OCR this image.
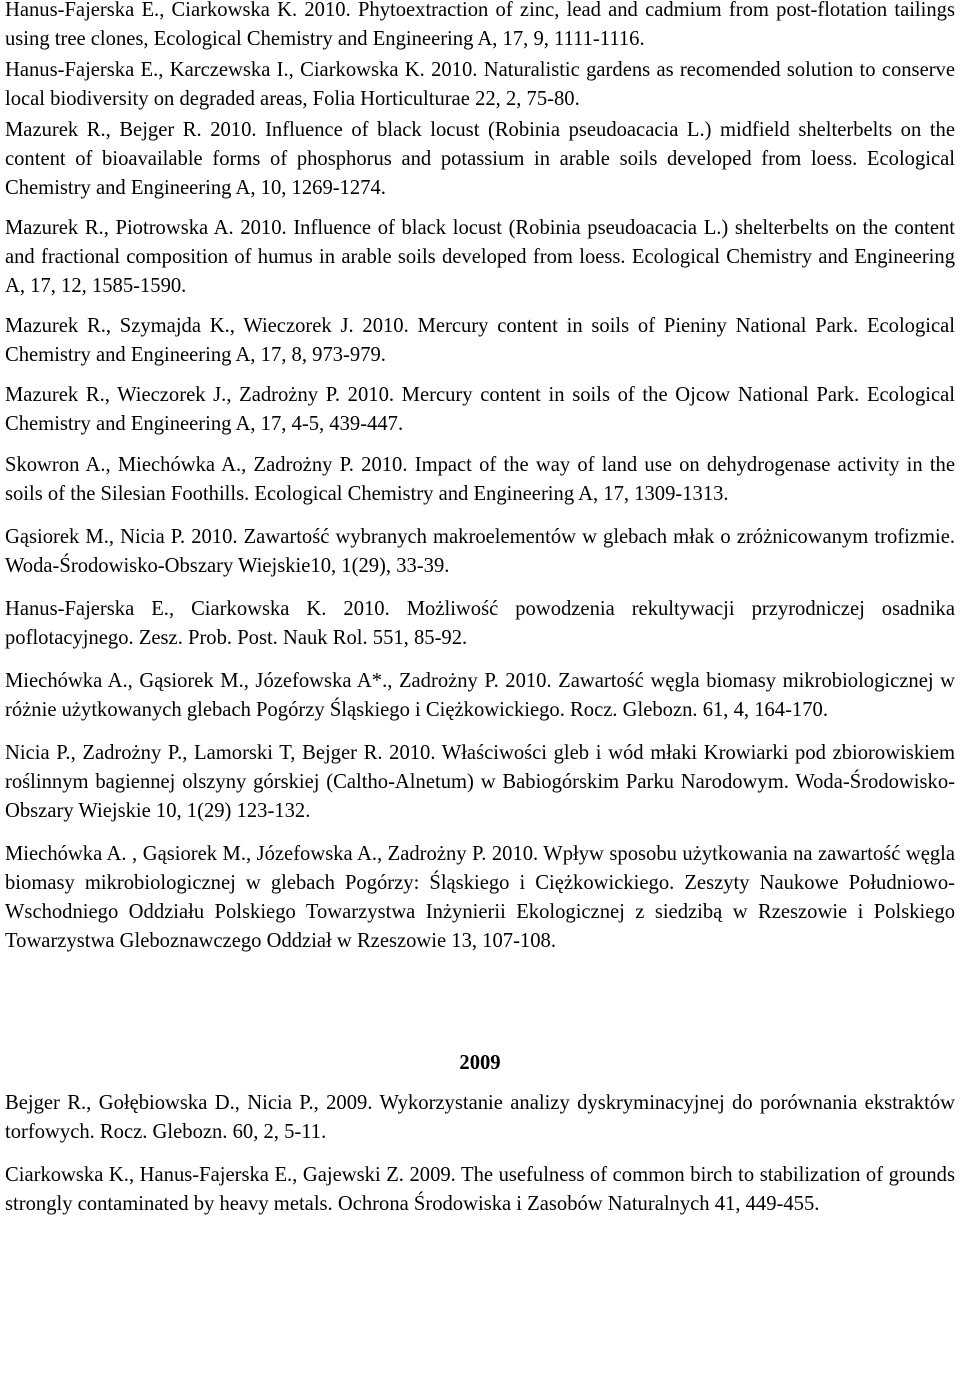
Hanus-Fajerska E., Ciarkowska K. 2010. Phytoextraction of zinc, lead and cadmium from post-flotation tailings using tree clones, Ecological Chemistry and Engineering A, 17, 9, 1111-1116.

Hanus-Fajerska E., Karczewska I., Ciarkowska K. 2010. Naturalistic gardens as recomended solution to conserve local biodiversity on degraded areas, Folia Horticulturae 22, 2, 75-80.

Mazurek R., Bejger R. 2010. Influence of black locust (Robinia pseudoacacia L.) midfield shelterbelts on the content of bioavailable forms of phosphorus and potassium in arable soils developed from loess. Ecological Chemistry and Engineering A, 10, 1269-1274.

Mazurek R., Piotrowska A. 2010. Influence of black locust (Robinia pseudoacacia L.) shelterbelts on the content and fractional composition of humus in arable soils developed from loess. Ecological Chemistry and Engineering A, 17, 12, 1585-1590.

Mazurek R., Szymajda K., Wieczorek J. 2010. Mercury content in soils of Pieniny National Park. Ecological Chemistry and Engineering A, 17, 8, 973-979.

Mazurek R., Wieczorek J., Zadrożny P. 2010. Mercury content in soils of the Ojcow National Park. Ecological Chemistry and Engineering A, 17, 4-5, 439-447.

Skowron A., Miechówka A., Zadrożny P. 2010. Impact of the way of land use on dehydrogenase activity in the soils of the Silesian Foothills. Ecological Chemistry and Engineering A, 17, 1309-1313.

Gąsiorek M., Nicia P. 2010. Zawartość wybranych makroelementów w glebach młak o zróżnicowanym trofizmie. Woda-Środowisko-Obszary Wiejskie10, 1(29), 33-39.

Hanus-Fajerska E., Ciarkowska K. 2010. Możliwość powodzenia rekultywacji przyrodniczej osadnika poflotacyjnego. Zesz. Prob. Post. Nauk Rol. 551, 85-92.

Miechówka A., Gąsiorek M., Józefowska A*., Zadrożny P. 2010. Zawartość węgla biomasy mikrobiologicznej w różnie użytkowanych glebach Pogórzy Śląskiego i Ciężkowickiego. Rocz. Glebozn. 61, 4, 164-170.

Nicia P., Zadrożny P., Lamorski T, Bejger R. 2010. Właściwości gleb i wód młaki Krowiarki pod zbiorowiskiem roślinnym bagiennej olszyny górskiej (Caltho-Alnetum) w Babiogórskim Parku Narodowym. Woda-Środowisko-Obszary Wiejskie 10, 1(29) 123-132.

Miechówka A. , Gąsiorek M., Józefowska A., Zadrożny P. 2010. Wpływ sposobu użytkowania na zawartość węgla biomasy mikrobiologicznej w glebach Pogórzy: Śląskiego i Ciężkowickiego. Zeszyty Naukowe Południowo-Wschodniego Oddziału Polskiego Towarzystwa Inżynierii Ekologicznej z siedzibą w Rzeszowie i Polskiego Towarzystwa Gleboznawczego Oddział w Rzeszowie 13, 107-108.

2009

Bejger R., Gołębiowska D., Nicia P., 2009. Wykorzystanie analizy dyskryminacyjnej do porównania ekstraktów torfowych. Rocz. Glebozn. 60, 2, 5-11.

Ciarkowska K., Hanus-Fajerska E., Gajewski Z. 2009. The usefulness of common birch to stabilization of grounds strongly contaminated by heavy metals. Ochrona Środowiska i Zasobów Naturalnych 41, 449-455.
